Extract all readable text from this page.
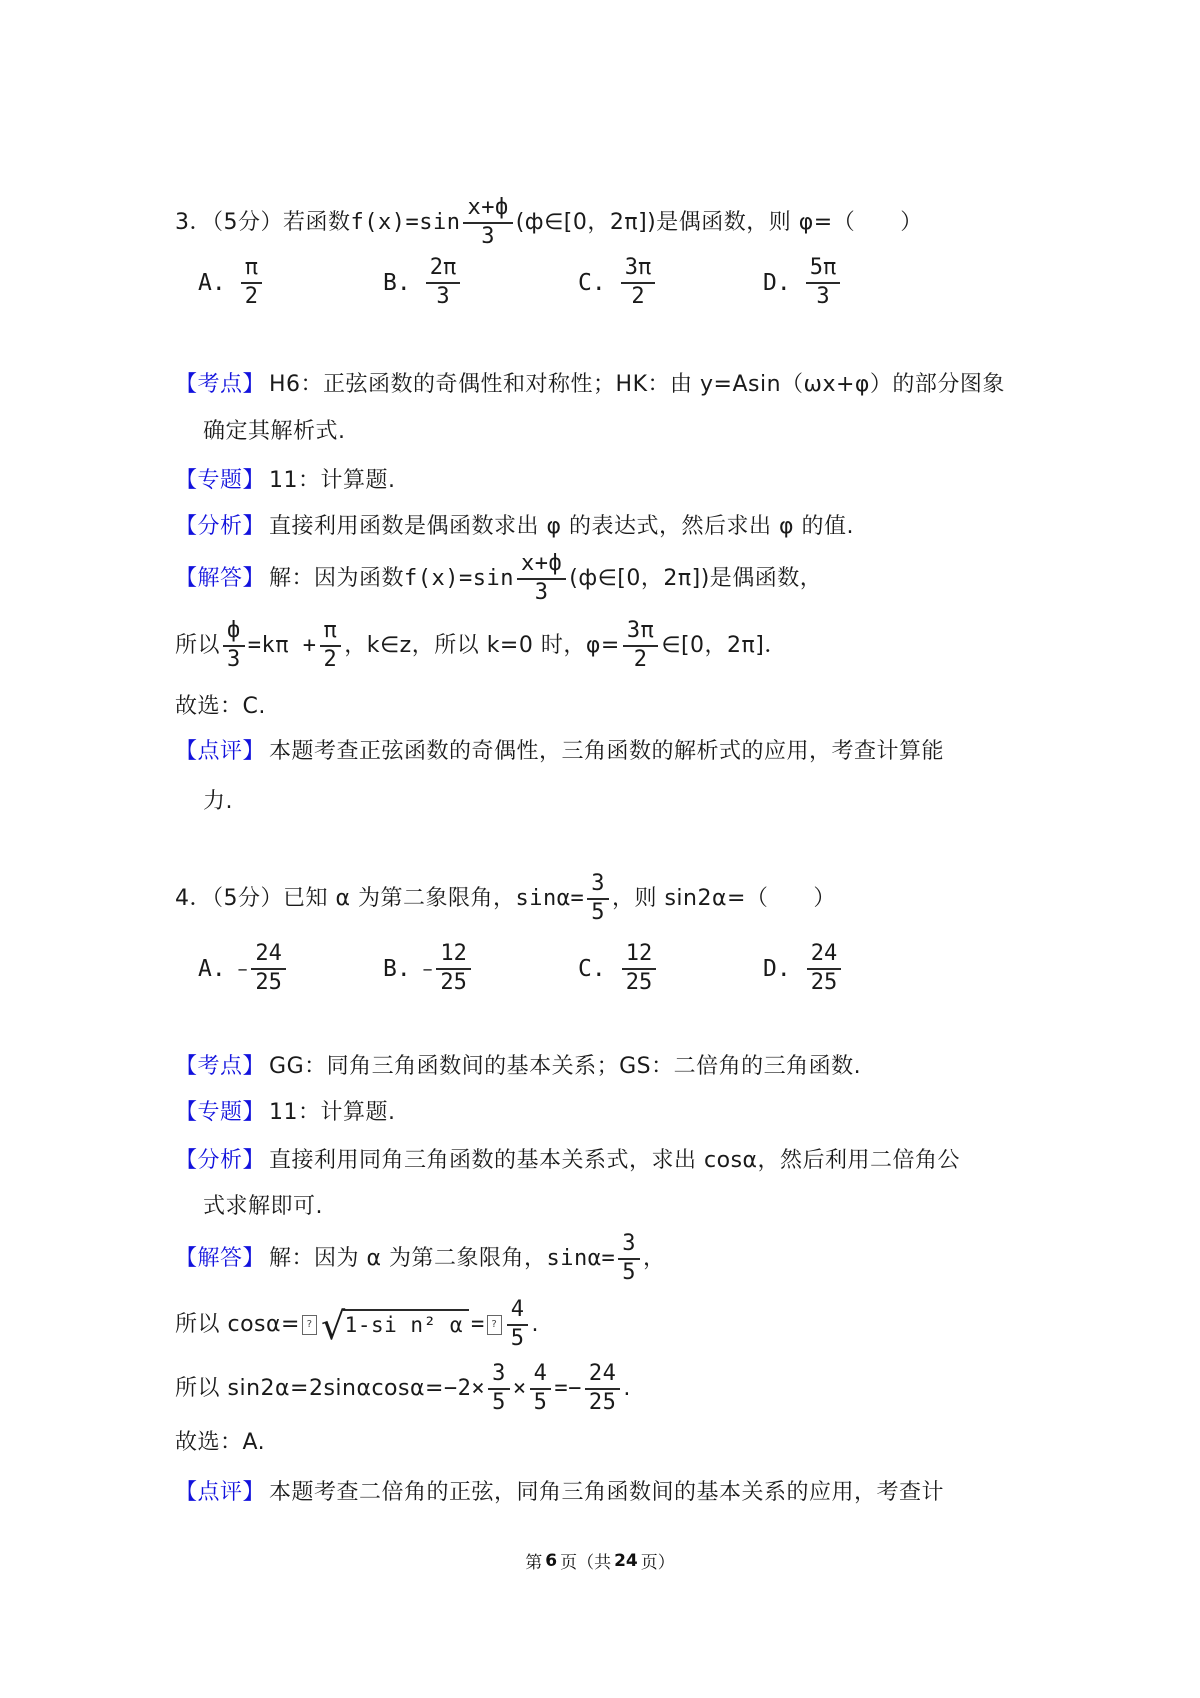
3．（5分）若函数 $f(x)=\sin \frac{x+ф}{3}$ (ф∈[0，2π])是偶函数，则 φ=（　　）
A. $\frac{\pi}{2}$	B. $\frac{2\pi}{3}$	C. $\frac{3\pi}{2}$	D. $\frac{5\pi}{3}$
【考点】 H6：正弦函数的奇偶性和对称性；HK：由 y=Asin（ωx+φ）的部分图象
确定其解析式.
【专题】 11：计算题.
【分析】 直接利用函数是偶函数求出 φ 的表达式，然后求出 φ 的值.
【解答】 解：因为函数 $f(x)=\sin \frac{x+ф}{3}$ (ф∈[0，2π])是偶函数，
所以 $\frac{ф}{3} =k\pi + \frac{\pi}{2}$ ，k∈z，所以 k=0 时，$\varphi= \frac{3\pi}{2}$ ∈[0，2π]．
故选：C.
【点评】 本题考查正弦函数的奇偶性，三角函数的解析式的应用，考查计算能
力.
4．（5分）已知 α 为第二象限角， $\sin\alpha= \frac{3}{5}$ ，则 sin2α=（　　）
A. − $\frac{24}{25}$	B. − $\frac{12}{25}$	C. $\frac{12}{25}$	D. $\frac{24}{25}$
【考点】 GG：同角三角函数间的基本关系；GS：二倍角的三角函数.
【专题】 11：计算题.
【分析】 直接利用同角三角函数的基本关系式，求出 cosα，然后利用二倍角公
式求解即可.
【解答】 解：因为 α 为第二象限角， $\sin\alpha= \frac{3}{5}$ ，
所以 cosα= ? √ 1-si n² α = ? $\frac{4}{5}$ .
所以 $\sin 2\alpha=2\sin\alpha\cos\alpha= -2\times \frac{3}{5} \times \frac{4}{5} =- \frac{24}{25}$ .
故选：A.
【点评】 本题考查二倍角的正弦，同角三角函数间的基本关系的应用，考查计
第 6 页（共 24 页）
